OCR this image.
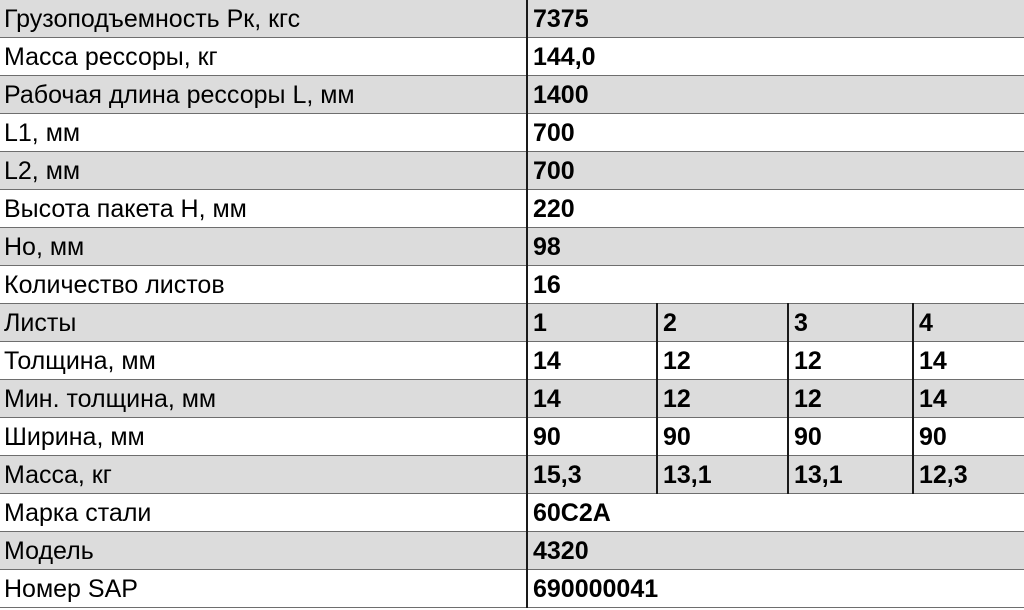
Грузоподъемность Рк, кгс	7375			
Масса рессоры, кг	144,0			
Рабочая длина рессоры L, мм	1400			
L1, мм	700			
L2, мм	700			
Высота пакета H, мм	220			
Но, мм	98			
Количество листов	16			
Листы	1	2	3	4
Толщина, мм	14	12	12	14
Мин. толщина, мм	14	12	12	14
Ширина, мм	90	90	90	90
Масса, кг	15,3	13,1	13,1	12,3
Марка стали	60С2А			
Модель	4320			
Номер SAP	690000041			
